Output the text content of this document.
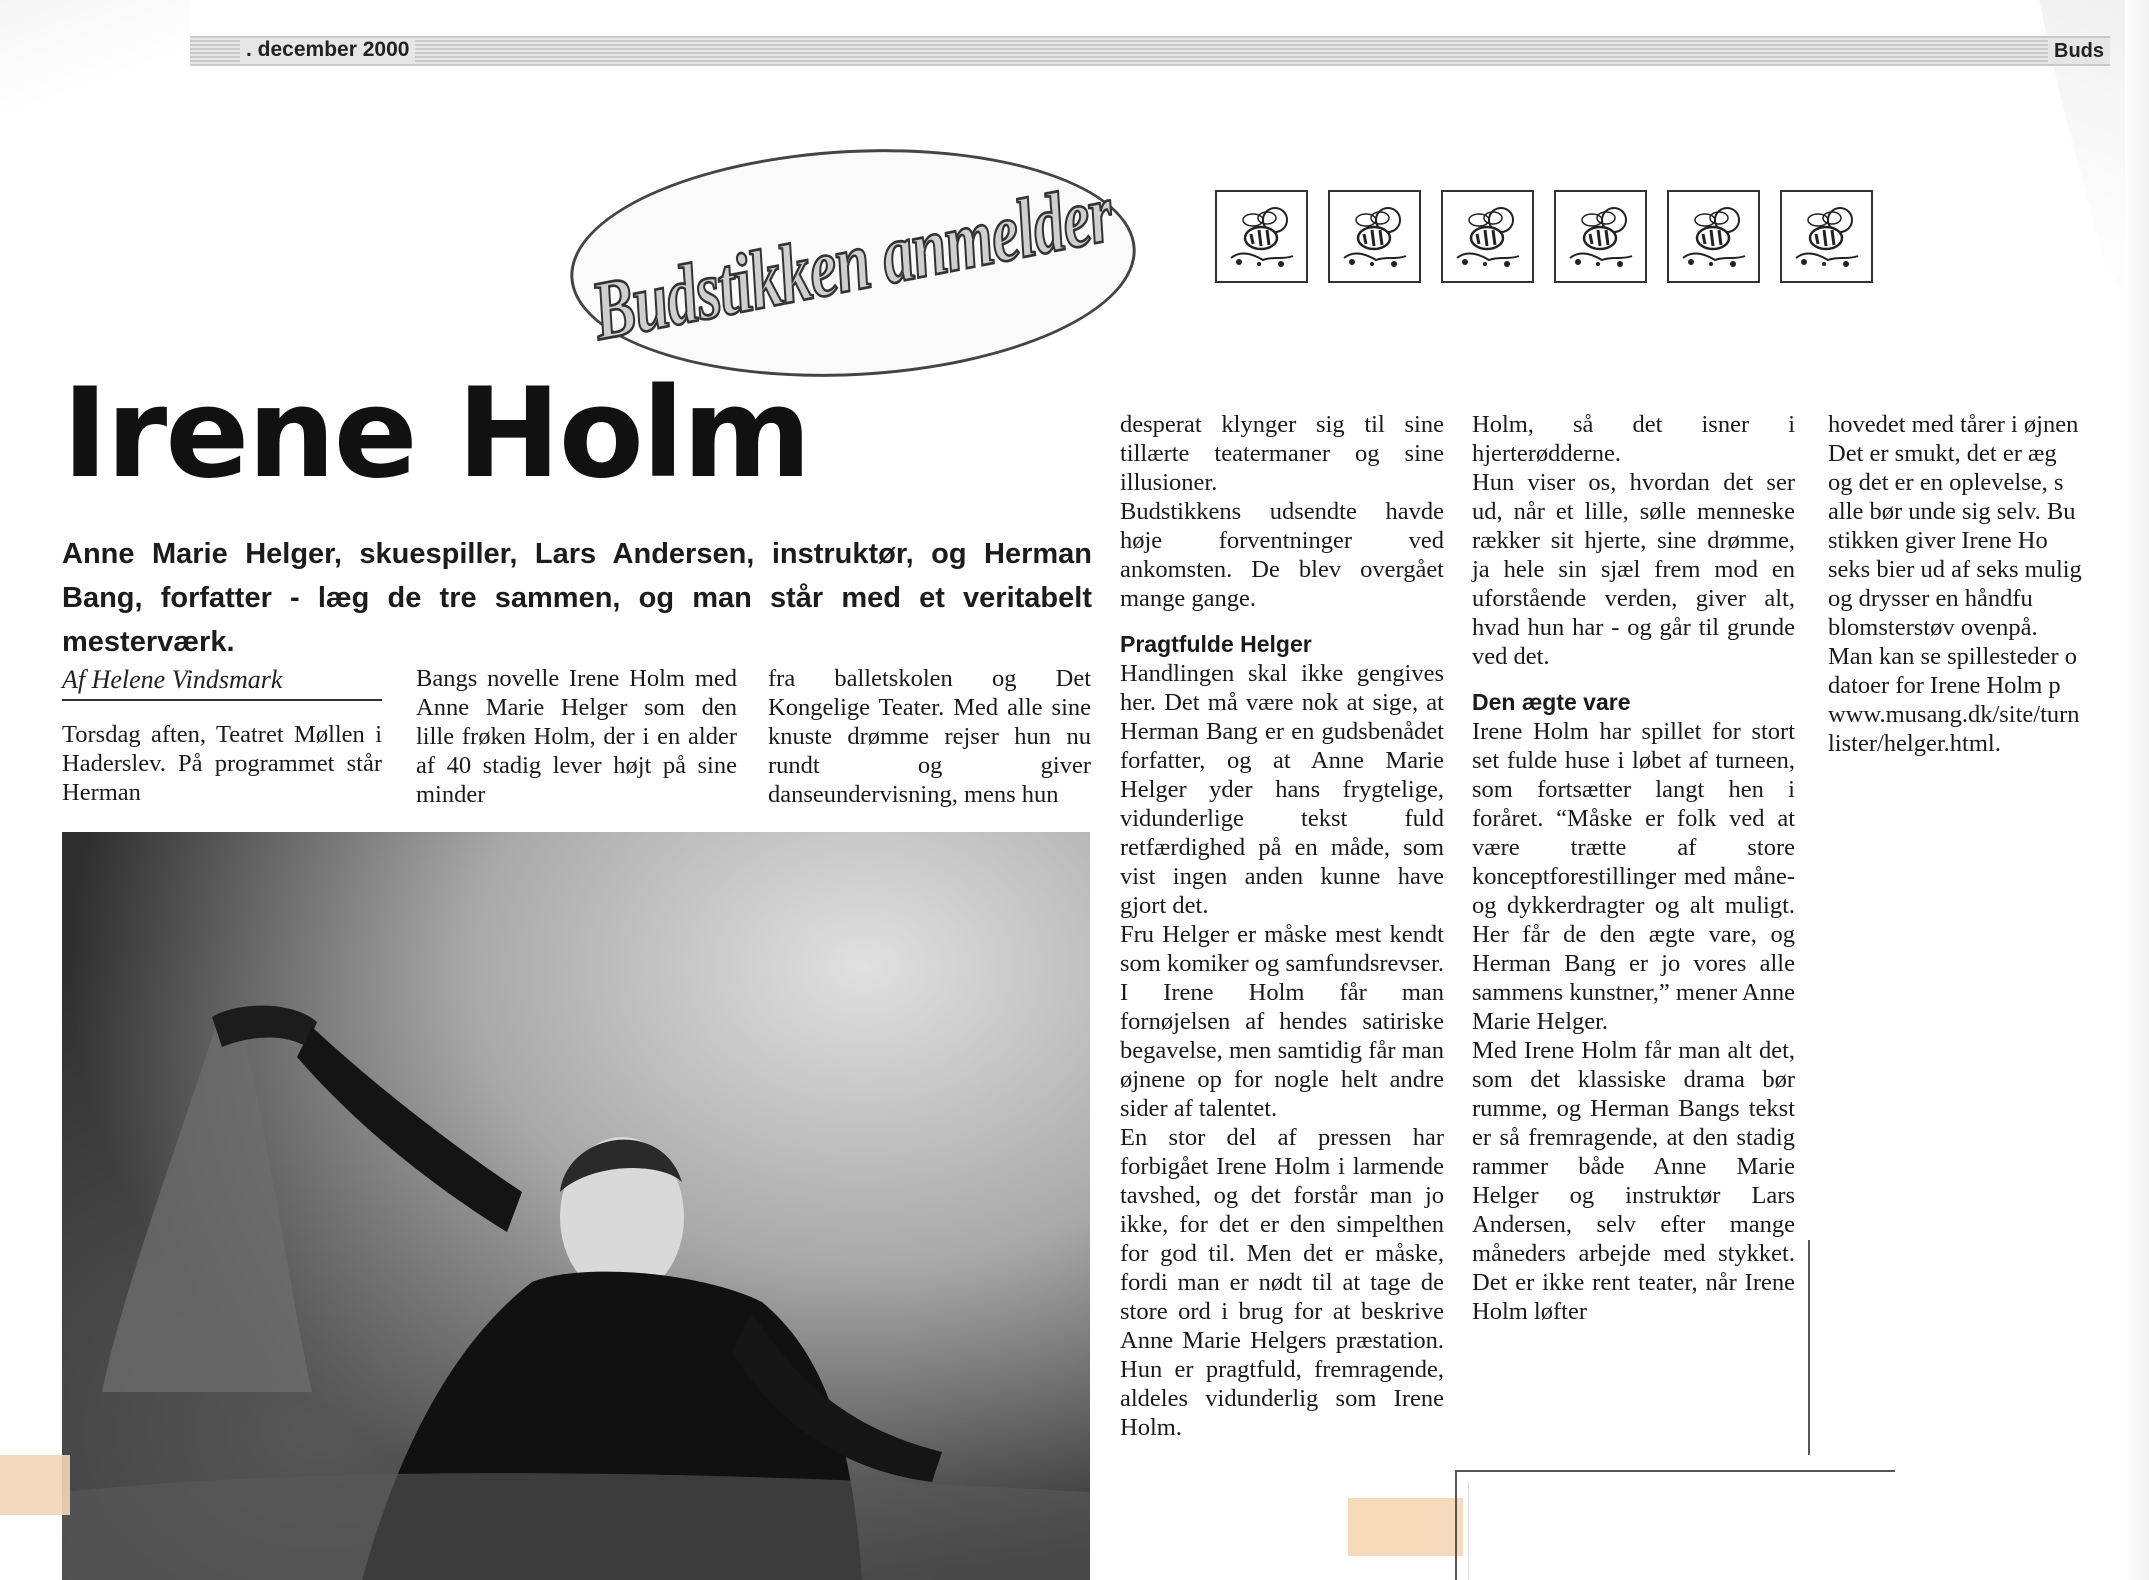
. december 2000	Buds
Budstikken anmelder
Irene Holm

Anne Marie Helger, skuespiller, Lars Andersen, instruktør, og Herman Bang, forfatter - læg de tre sammen, og man står med et veritabelt mesterværk.

Af Helene Vindsmark

Torsdag aften, Teatret Møllen i Haderslev. På programmet står Herman

Bangs novelle Irene Holm med Anne Marie Helger som den lille frøken Holm, der i en alder af 40 stadig lever højt på sine minder

fra balletskolen og Det Kongelige Teater. Med alle sine knuste drømme rejser hun nu rundt og giver danseundervisning, mens hun

desperat klynger sig til sine tillærte teatermaner og sine illusioner.

Budstikkens udsendte havde høje forventninger ved ankomsten. De blev overgået mange gange.

Pragtfulde Helger

Handlingen skal ikke gengives her. Det må være nok at sige, at Herman Bang er en gudsbenådet forfatter, og at Anne Marie Helger yder hans frygtelige, vidunderlige tekst fuld retfærdighed på en måde, som vist ingen anden kunne have gjort det.

Fru Helger er måske mest kendt som komiker og samfundsrevser. I Irene Holm får man fornøjelsen af hendes satiriske begavelse, men samtidig får man øjnene op for nogle helt andre sider af talentet.

En stor del af pressen har forbigået Irene Holm i larmende tavshed, og det forstår man jo ikke, for det er den simpelthen for god til. Men det er måske, fordi man er nødt til at tage de store ord i brug for at beskrive Anne Marie Helgers præstation. Hun er pragtfuld, fremragende, aldeles vidunderlig som Irene Holm.

Holm, så det isner i hjerterødderne.

Hun viser os, hvordan det ser ud, når et lille, sølle menneske rækker sit hjerte, sine drømme, ja hele sin sjæl frem mod en uforstående verden, giver alt, hvad hun har - og går til grunde ved det.

Den ægte vare

Irene Holm har spillet for stort set fulde huse i løbet af turneen, som fortsætter langt hen i foråret. “Måske er folk ved at være trætte af store konceptforestillinger med måne- og dykkerdragter og alt muligt. Her får de den ægte vare, og Herman Bang er jo vores alle sammens kunstner,” mener Anne Marie Helger.

Med Irene Holm får man alt det, som det klassiske drama bør rumme, og Herman Bangs tekst er så fremragende, at den stadig rammer både Anne Marie Helger og instruktør Lars Andersen, selv efter mange måneders arbejde med stykket. Det er ikke rent teater, når Irene Holm løfter

hovedet med tårer i øjnen
Det er smukt, det er æg
og det er en oplevelse, s
alle bør unde sig selv. Bu
stikken giver Irene Ho
seks bier ud af seks mulig
og drysser en håndfu
blomsterstøv ovenpå.
Man kan se spillesteder o
datoer for Irene Holm p
www.musang.dk/site/turn
lister/helger.html.
